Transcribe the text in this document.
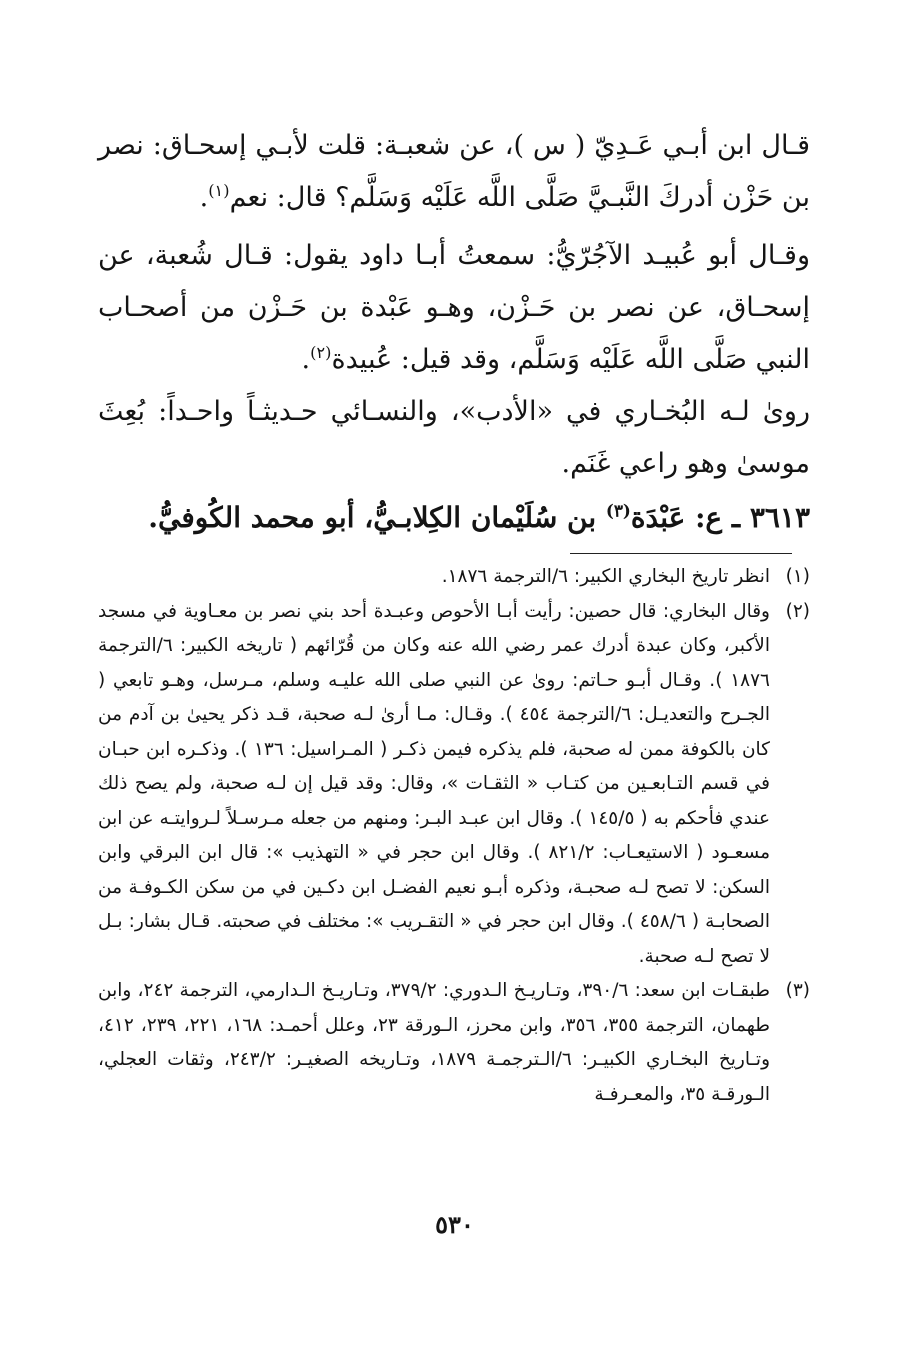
قـال ابن أبـي عَـدِيّ ( س )، عن شعبـة: قلت لأبـي إسحـاق: نصر بن حَزْن أدركَ النَّبـيَّ صَلَّى اللَّه عَلَيْه وَسَلَّم؟ قال: نعم$^{(١)}$.

وقـال أبو عُبيـد الآجُرّيُّ: سمعتُ أبـا داود يقول: قـال شُعبة، عن إسحـاق، عن نصر بن حَـزْن، وهـو عَبْدة بن حَـزْن من أصحـاب النبي صَلَّى اللَّه عَلَيْه وَسَلَّم، وقد قيل: عُبيدة$^{(٢)}$.

روىٰ لـه البُخـاري في «الأدب»، والنسـائي حـديثـاً واحـداً: بُعِثَ موسىٰ وهو راعي غَنَم.

٣٦١٣ ـ ع: عَبْدَة$^{(٣)}$ بن سُلَيْمان الكِلابـيُّ، أبو محمد الكُوفيُّ.

(١)
انظر تاريخ البخاري الكبير: ٦/الترجمة ١٨٧٦.
(٢)
وقال البخاري: قال حصين: رأيت أبـا الأحوص وعبـدة أحد بني نصر بن معـاوية في مسجد الأكبر، وكان عبدة أدرك عمر رضي الله عنه وكان من قُرّائهم ( تاريخه الكبير: ٦/الترجمة ١٨٧٦ ). وقـال أبـو حـاتم: روىٰ عن النبي صلى الله عليـه وسلم، مـرسل، وهـو تابعي ( الجـرح والتعديـل: ٦/الترجمة ٤٥٤ ). وقـال: مـا أرىٰ لـه صحبة، قـد ذكر يحيىٰ بن آدم من كان بالكوفة ممن له صحبة، فلم يذكره فيمن ذكـر ( المـراسيل: ١٣٦ ). وذكـره ابن حبـان في قسم التـابعـين من كتـاب « الثقـات »، وقال: وقد قيل إن لـه صحبة، ولم يصح ذلك عندي فأحكم به ( ١٤٥/٥ ). وقال ابن عبـد البـر: ومنهم من جعله مـرسـلاً لـروايتـه عن ابن مسعـود ( الاستيعـاب: ٨٢١/٢ ). وقال ابن حجر في « التهذيب »: قال ابن البرقي وابن السكن: لا تصح لـه صحبـة، وذكره أبـو نعيم الفضـل ابن دكـين في من سكن الكـوفـة من الصحابـة ( ٤٥٨/٦ ). وقال ابن حجر في « التقـريب »: مختلف في صحبته. قـال بشار: بـل لا تصح لـه صحبة.
(٣)
طبقـات ابن سعد: ٣٩٠/٦، وتـاريـخ الـدوري: ٣٧٩/٢، وتـاريـخ الـدارمي، الترجمة ٢٤٢، وابن طهمان، الترجمة ٣٥٥، ٣٥٦، وابن محرز، الـورقة ٢٣، وعلل أحمـد: ١٦٨، ٢٢١، ٢٣٩، ٤١٢، وتـاريخ البخـاري الكبيـر: ٦/الـترجمـة ١٨٧٩، وتـاريخه الصغيـر: ٢٤٣/٢، وثقات العجلي، الـورقـة ٣٥، والمعـرفـة
٥٣٠
